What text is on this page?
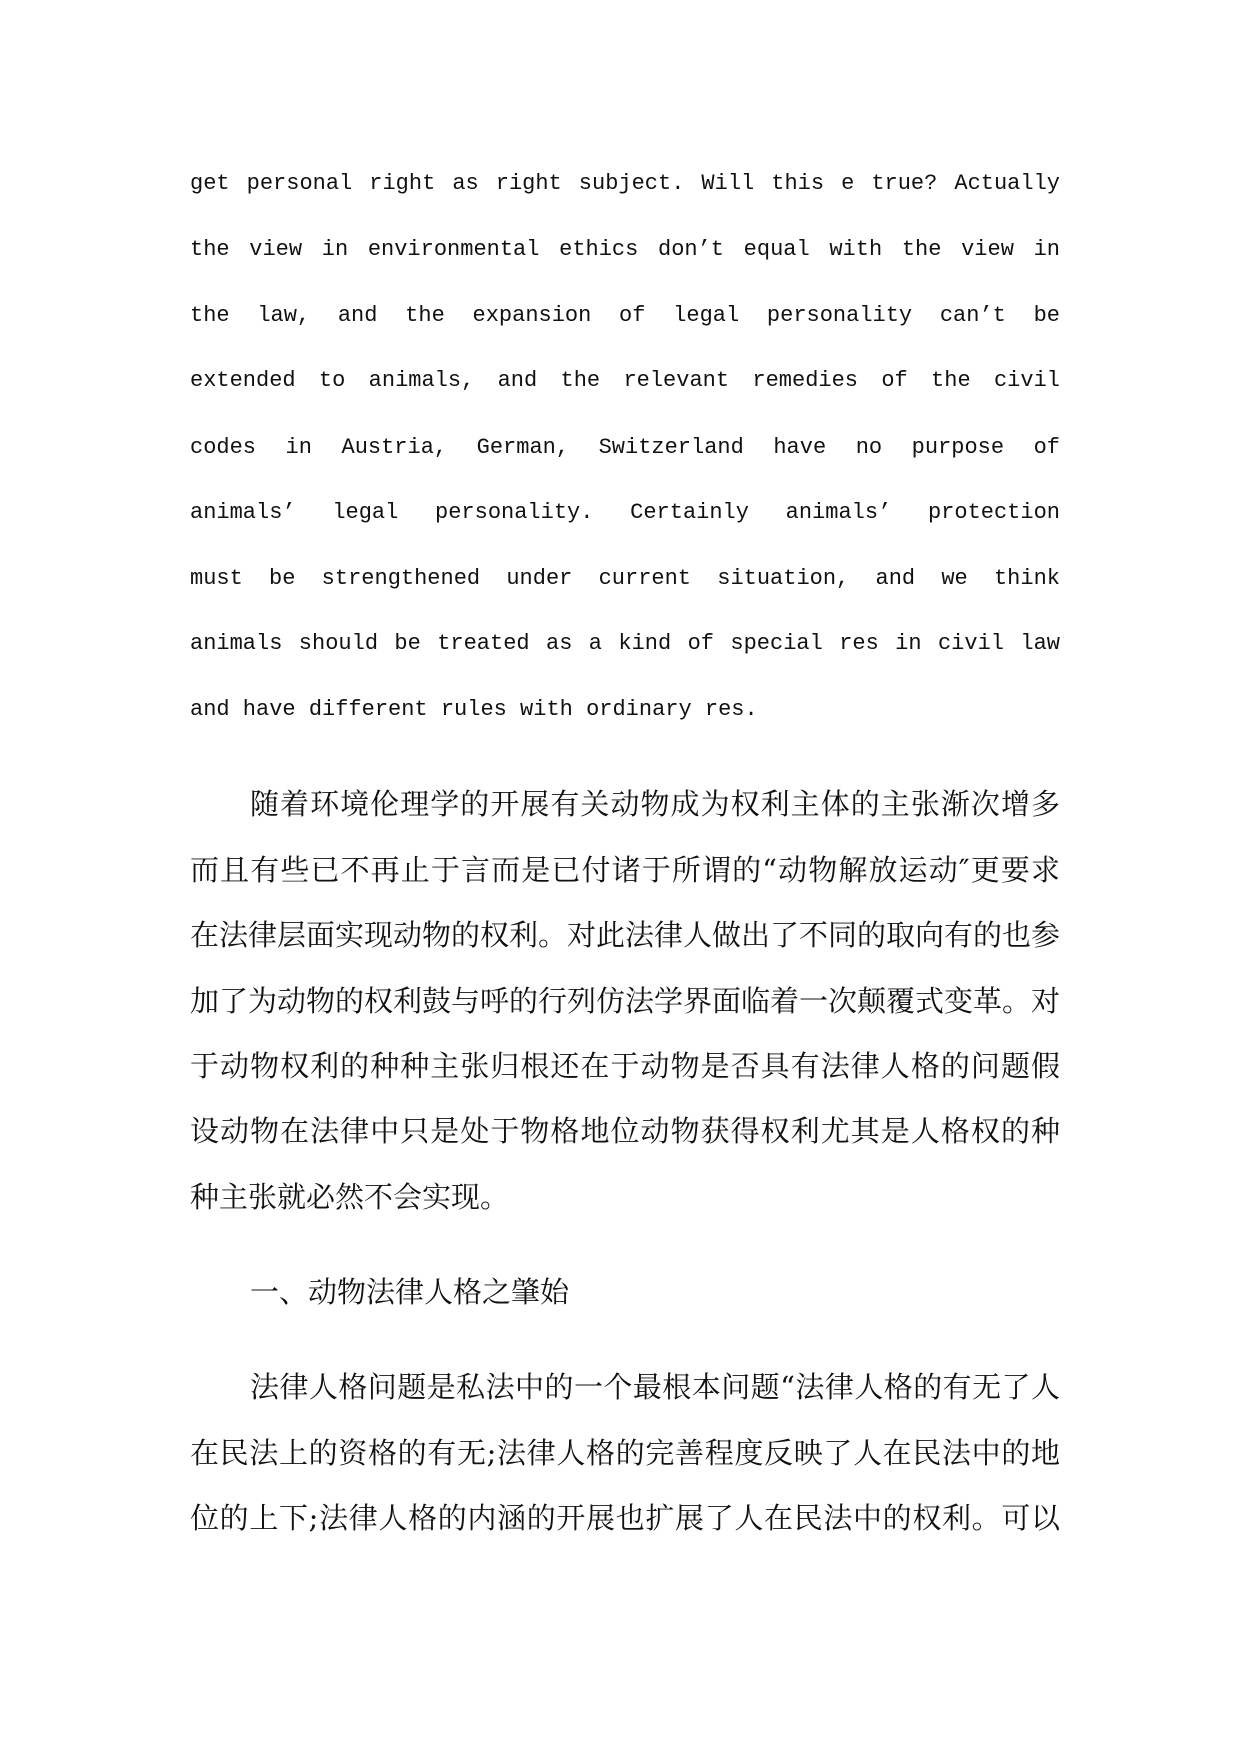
get personal right as right subject. Will this e true? Actually
the view in environmental ethics don’t equal with the view in
the law, and the expansion of legal personality can’t be
extended to animals, and the relevant remedies of the civil
codes in Austria, German, Switzerland have no purpose of
animals’ legal personality. Certainly animals’ protection
must be strengthened under current situation, and we think
animals should be treated as a kind of special res in civil law
and have different rules with ordinary res.
随着环境伦理学的开展有关动物成为权利主体的主张渐次增多
而且有些已不再止于言而是已付诸于所谓的“动物解放运动″更要求
在法律层面实现动物的权利。对此法律人做出了不同的取向有的也参
加了为动物的权利鼓与呼的行列仿法学界面临着一次颠覆式变革。对
于动物权利的种种主张归根还在于动物是否具有法律人格的问题假
设动物在法律中只是处于物格地位动物获得权利尤其是人格权的种
种主张就必然不会实现。
一、动物法律人格之肇始
法律人格问题是私法中的一个最根本问题“法律人格的有无了人
在民法上的资格的有无;法律人格的完善程度反映了人在民法中的地
位的上下;法律人格的内涵的开展也扩展了人在民法中的权利。可以
